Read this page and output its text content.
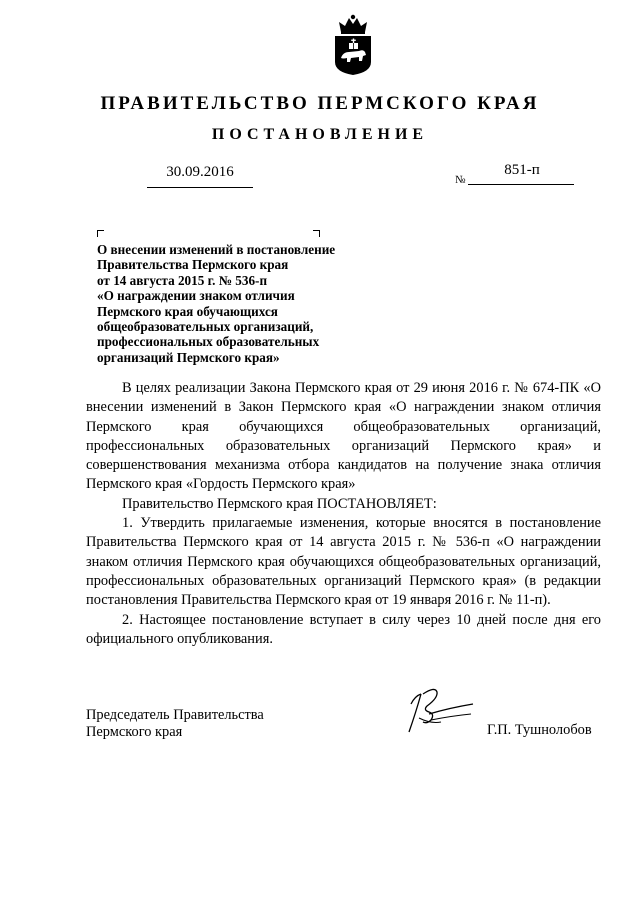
ПРАВИТЕЛЬСТВО ПЕРМСКОГО КРАЯ
ПОСТАНОВЛЕНИЕ
30.09.2016	№
851-п
О внесении изменений в постановление
Правительства Пермского края
от 14 августа 2015 г. № 536-п
«О награждении знаком отличия
Пермского края обучающихся
общеобразовательных организаций,
профессиональных образовательных
организаций Пермского края»

В целях реализации Закона Пермского края от 29 июня 2016 г. № 674-ПК «О внесении изменений в Закон Пермского края «О награждении знаком отличия Пермского края обучающихся общеобразовательных организаций, профессиональных образовательных организаций Пермского края» и совершенствования механизма отбора кандидатов на получение знака отличия Пермского края «Гордость Пермского края»

Правительство Пермского края ПОСТАНОВЛЯЕТ:

1. Утвердить прилагаемые изменения, которые вносятся в постановление Правительства Пермского края от 14 августа 2015 г. № 536-п «О награждении знаком отличия Пермского края обучающихся общеобразовательных организаций, профессиональных образовательных организаций Пермского края» (в редакции постановления Правительства Пермского края от 19 января 2016 г. № 11-п).

2. Настоящее постановление вступает в силу через 10 дней после дня его официального опубликования.

Председатель Правительства
Пермского края	Г.П. Тушнолобов
